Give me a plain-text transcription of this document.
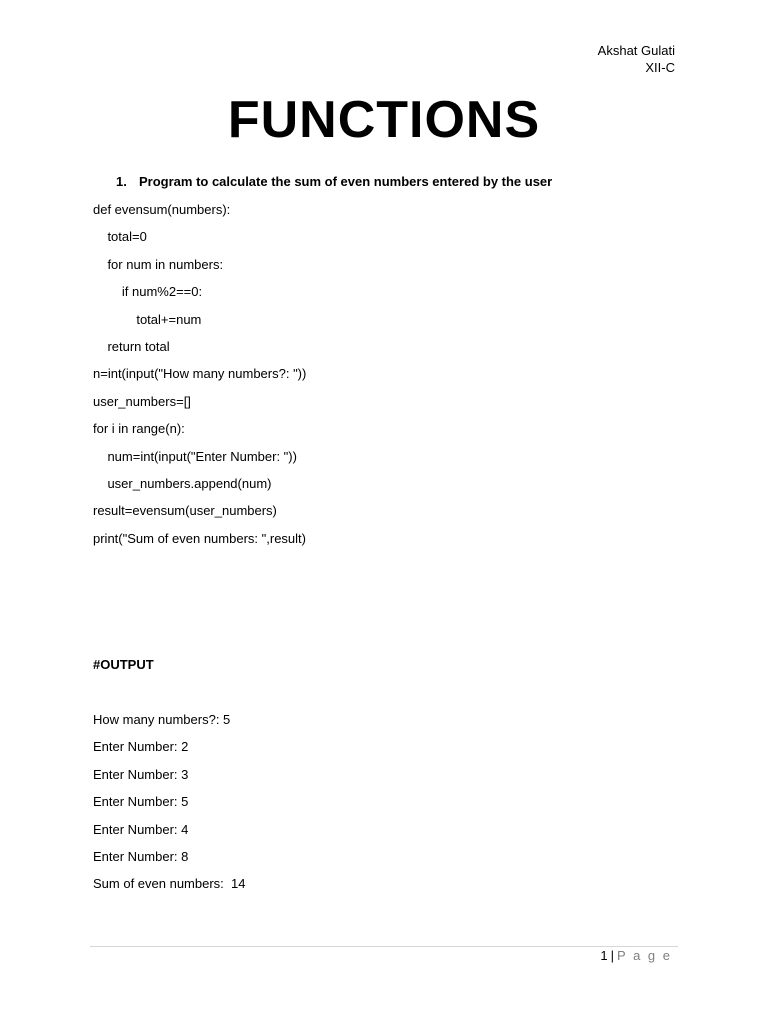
Akshat Gulati
XII-C
FUNCTIONS
1. Program to calculate the sum of even numbers entered by the user
def evensum(numbers):
total=0
for num in numbers:
if num%2==0:
total+=num
return total
n=int(input("How many numbers?: "))
user_numbers=[]
for i in range(n):
num=int(input("Enter Number: "))
user_numbers.append(num)
result=evensum(user_numbers)
print("Sum of even numbers: ",result)
#OUTPUT
How many numbers?: 5
Enter Number: 2
Enter Number: 3
Enter Number: 5
Enter Number: 4
Enter Number: 8
Sum of even numbers:  14
1 | P a g e
